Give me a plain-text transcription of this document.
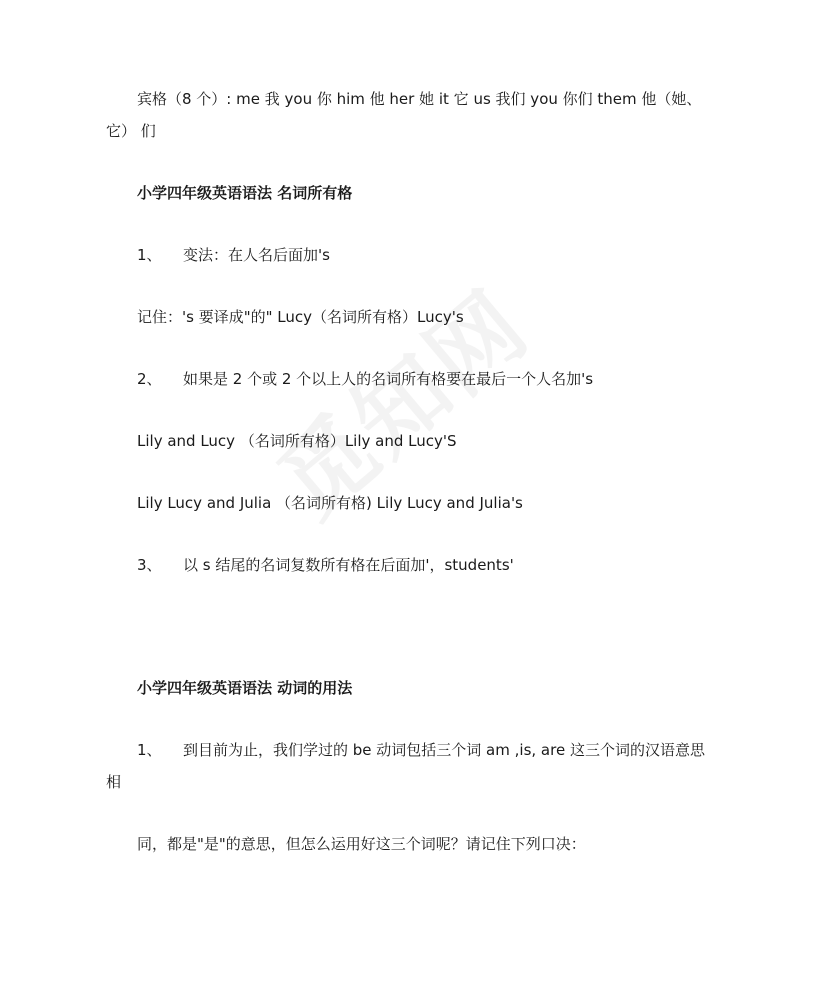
宾格（8 个）: me 我 you 你 him 他 her 她 it 它 us 我们 you 你们 them 他（她、
它） 们
小学四年级英语语法 名词所有格
1、 变法：在人名后面加's
记住：'s 要译成"的" Lucy（名词所有格）Lucy's
2、 如果是 2 个或 2 个以上人的名词所有格要在最后一个人名加's
Lily and Lucy （名词所有格）Lily and Lucy'S
Lily Lucy and Julia （名词所有格) Lily Lucy and Julia's
3、 以 s 结尾的名词复数所有格在后面加'，students'
小学四年级英语语法 动词的用法
1、 到目前为止，我们学过的 be 动词包括三个词 am ,is, are 这三个词的汉语意思
相
同，都是"是"的意思，但怎么运用好这三个词呢？请记住下列口决：
